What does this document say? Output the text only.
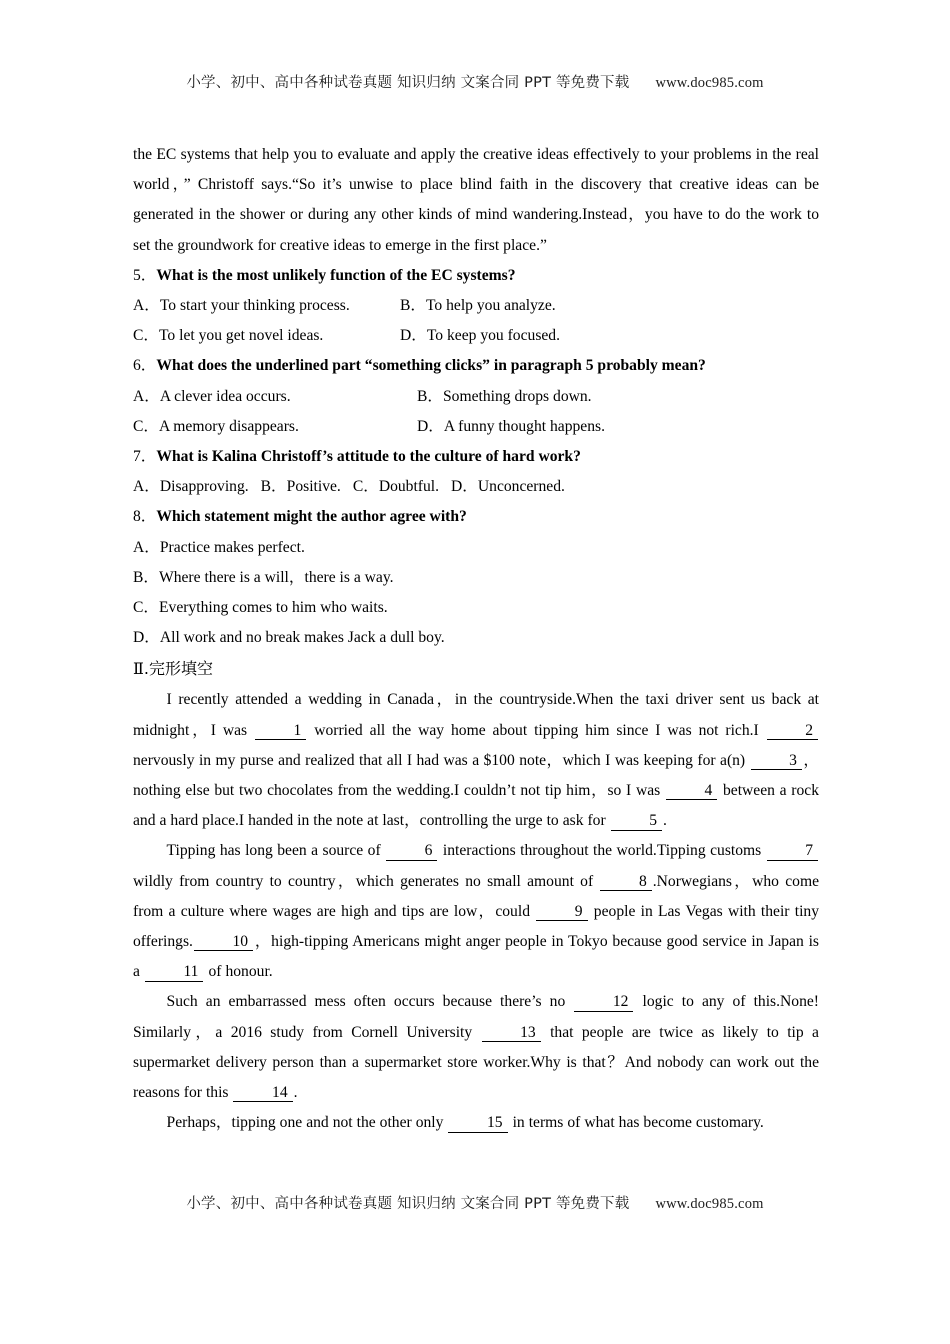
小学、初中、高中各种试卷真题 知识归纳 文案合同 PPT 等免费下载 www.doc985.com

the EC systems that help you to evaluate and apply the creative ideas effectively to your problems in the real world，” Christoff says.“So it’s unwise to place blind faith in the discovery that creative ideas can be generated in the shower or during any other kinds of mind wandering.Instead，you have to do the work to set the groundwork for creative ideas to emerge in the first place.”

5．What is the most unlikely function of the EC systems?

A．To start your thinking process.	B．To help you analyze.
C．To let you get novel ideas.	D．To keep you focused.

6．What does the underlined part “something clicks” in paragraph 5 probably mean?

A．A clever idea occurs.	B．Something drops down.
C．A memory disappears.	D．A funny thought happens.

7．What is Kalina Christoff’s attitude to the culture of hard work?

A．Disapproving. B．Positive. C．Doubtful. D．Unconcerned.

8．Which statement might the author agree with?

A．Practice makes perfect.

B．Where there is a will，there is a way.

C．Everything comes to him who waits.

D．All work and no break makes Jack a dull boy.

Ⅱ.完形填空

I recently attended a wedding in Canada，in the countryside.When the taxi driver sent us back at midnight，I was	1 worried all the way home about tipping him since I was not rich.I	2 nervously in my purse and realized that all I had was a $100 note，which I was keeping for a(n)	3 ，nothing else but two chocolates from the wedding.I couldn’t not tip him，so I was	4 between a rock and a hard place.I handed in the note at last，controlling the urge to ask for	5 .

Tipping has long been a source of	6 interactions throughout the world.Tipping customs	7 wildly from country to country，which generates no small amount of	8 .Norwegians，who come from a culture where wages are high and tips are low，could	9 people in Las Vegas with their tiny offerings.	10 ，high-tipping Americans might anger people in Tokyo because good service in Japan is a	11 of honour.

Such an embarrassed mess often occurs because there’s no	12 logic to any of this.None! Similarly，a 2016 study from Cornell University	13 that people are twice as likely to tip a supermarket delivery person than a supermarket store worker.Why is that？And nobody can work out the reasons for this	14 .

Perhaps，tipping one and not the other only	15 in terms of what has become customary.

小学、初中、高中各种试卷真题 知识归纳 文案合同 PPT 等免费下载 www.doc985.com
